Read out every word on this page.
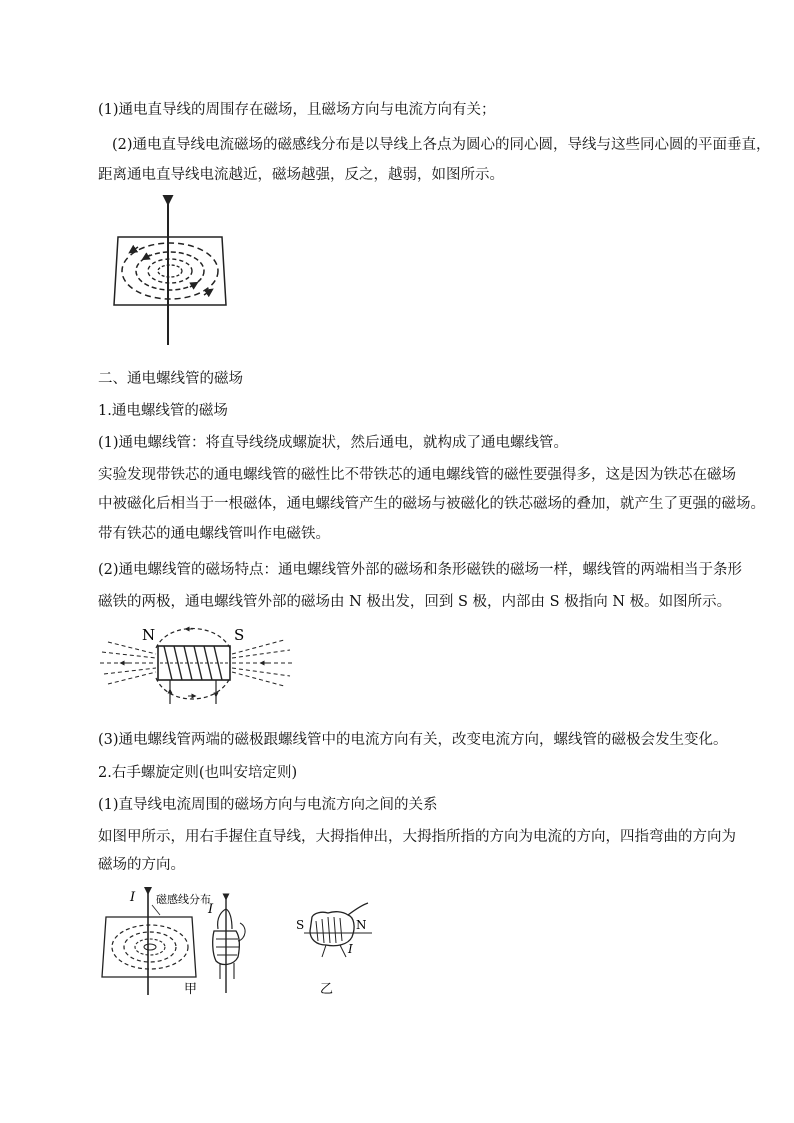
(1)通电直导线的周围存在磁场，且磁场方向与电流方向有关；
(2)通电直导线电流磁场的磁感线分布是以导线上各点为圆心的同心圆，导线与这些同心圆的平面垂直，
距离通电直导线电流越近，磁场越强，反之，越弱，如图所示。
二、通电螺线管的磁场
1.通电螺线管的磁场
(1)通电螺线管：将直导线绕成螺旋状，然后通电，就构成了通电螺线管。
实验发现带铁芯的通电螺线管的磁性比不带铁芯的通电螺线管的磁性要强得多，这是因为铁芯在磁场
中被磁化后相当于一根磁体，通电螺线管产生的磁场与被磁化的铁芯磁场的叠加，就产生了更强的磁场。
带有铁芯的通电螺线管叫作电磁铁。
(2)通电螺线管的磁场特点：通电螺线管外部的磁场和条形磁铁的磁场一样，螺线管的两端相当于条形
磁铁的两极，通电螺线管外部的磁场由 N 极出发，回到 S 极，内部由 S 极指向 N 极。如图所示。
N	S
(3)通电螺线管两端的磁极跟螺线管中的电流方向有关，改变电流方向，螺线管的磁极会发生变化。
2.右手螺旋定则(也叫安培定则)
(1)直导线电流周围的磁场方向与电流方向之间的关系
如图甲所示，用右手握住直导线，大拇指伸出，大拇指所指的方向为电流的方向，四指弯曲的方向为
磁场的方向。
I 磁感线分布
I
甲
S	N
I
乙
